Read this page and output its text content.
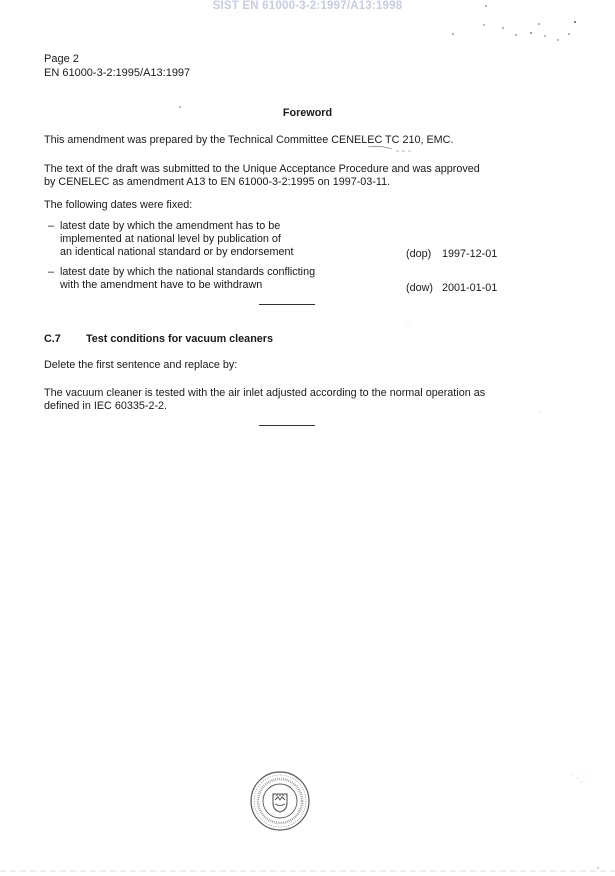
SIST EN 61000-3-2:1997/A13:1998
Page 2
EN 61000-3-2:1995/A13:1997
Foreword
This amendment was prepared by the Technical Committee CENELEC TC 210, EMC.
The text of the draft was submitted to the Unique Acceptance Procedure and was approved
by CENELEC as amendment A13 to EN 61000-3-2:1995 on 1997-03-11.
The following dates were fixed:
– latest date by which the amendment has to be
implemented at national level by publication of
an identical national standard or by endorsement	(dop) 1997-12-01
– latest date by which the national standards conflicting
with the amendment have to be withdrawn	(dow) 2001-01-01
C.7 Test conditions for vacuum cleaners
Delete the first sentence and replace by:
The vacuum cleaner is tested with the air inlet adjusted according to the normal operation as
defined in IEC 60335-2-2.
